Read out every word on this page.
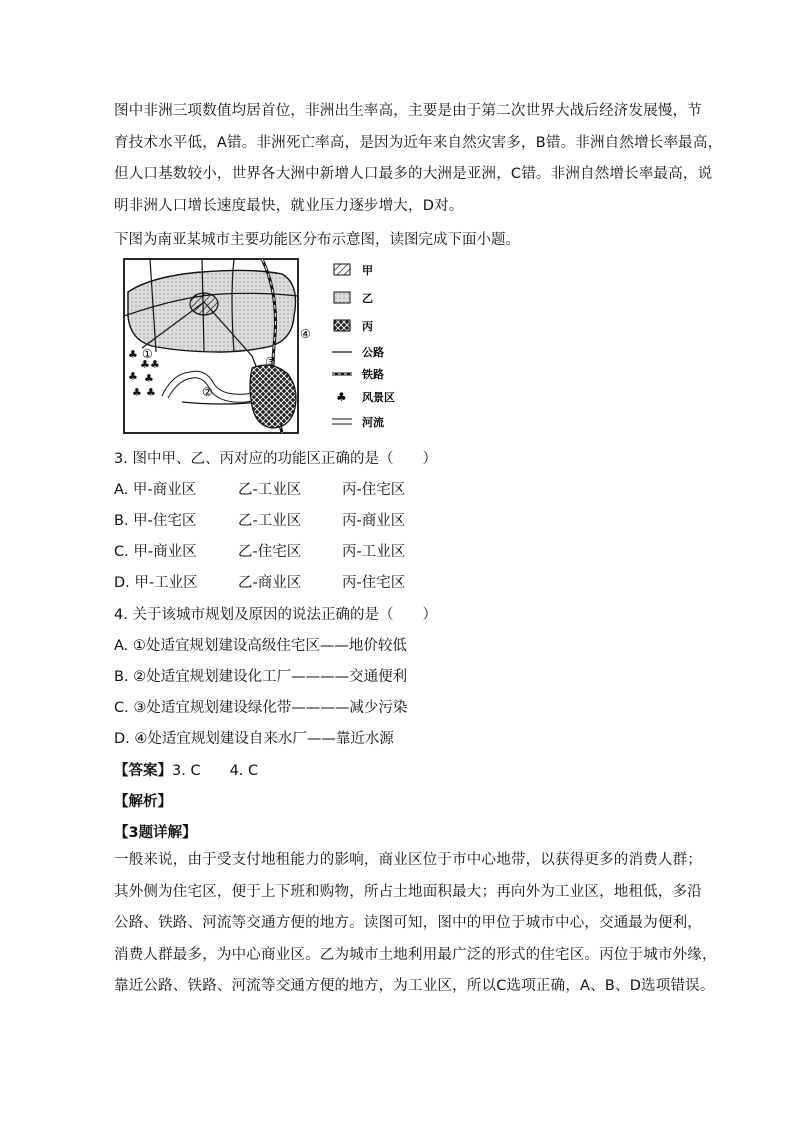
图中非洲三项数值均居首位，非洲出生率高，主要是由于第二次世界大战后经济发展慢，节
育技术水平低，A错。非洲死亡率高，是因为近年来自然灾害多，B错。非洲自然增长率最高，
但人口基数较小，世界各大洲中新增人口最多的大洲是亚洲，C错。非洲自然增长率最高，说
明非洲人口增长速度最快，就业压力逐步增大，D对。
下图为南亚某城市主要功能区分布示意图，读图完成下面小题。
♣
♣
♣ ♣
♣
♣
♣
①
②
③
④
甲
乙
丙
公路
铁路
♣ 风景区
河流
3. 图中甲、乙、丙对应的功能区正确的是（　　）
A. 甲-商业区	乙-工业区	丙-住宅区
B. 甲-住宅区	乙-工业区	丙-商业区
C. 甲-商业区	乙-住宅区	丙-工业区
D. 甲-工业区	乙-商业区	丙-住宅区
4. 关于该城市规划及原因的说法正确的是（　　）
A. ①处适宜规划建设高级住宅区——地价较低
B. ②处适宜规划建设化工厂————交通便利
C. ③处适宜规划建设绿化带————减少污染
D. ④处适宜规划建设自来水厂——靠近水源
【答案】3. C　　4. C
【解析】
【3题详解】
一般来说，由于受支付地租能力的影响，商业区位于市中心地带，以获得更多的消费人群；
其外侧为住宅区，便于上下班和购物，所占土地面积最大；再向外为工业区，地租低，多沿
公路、铁路、河流等交通方便的地方。读图可知，图中的甲位于城市中心，交通最为便利，
消费人群最多，为中心商业区。乙为城市土地利用最广泛的形式的住宅区。丙位于城市外缘，
靠近公路、铁路、河流等交通方便的地方，为工业区，所以C选项正确，A、B、D选项错误。
